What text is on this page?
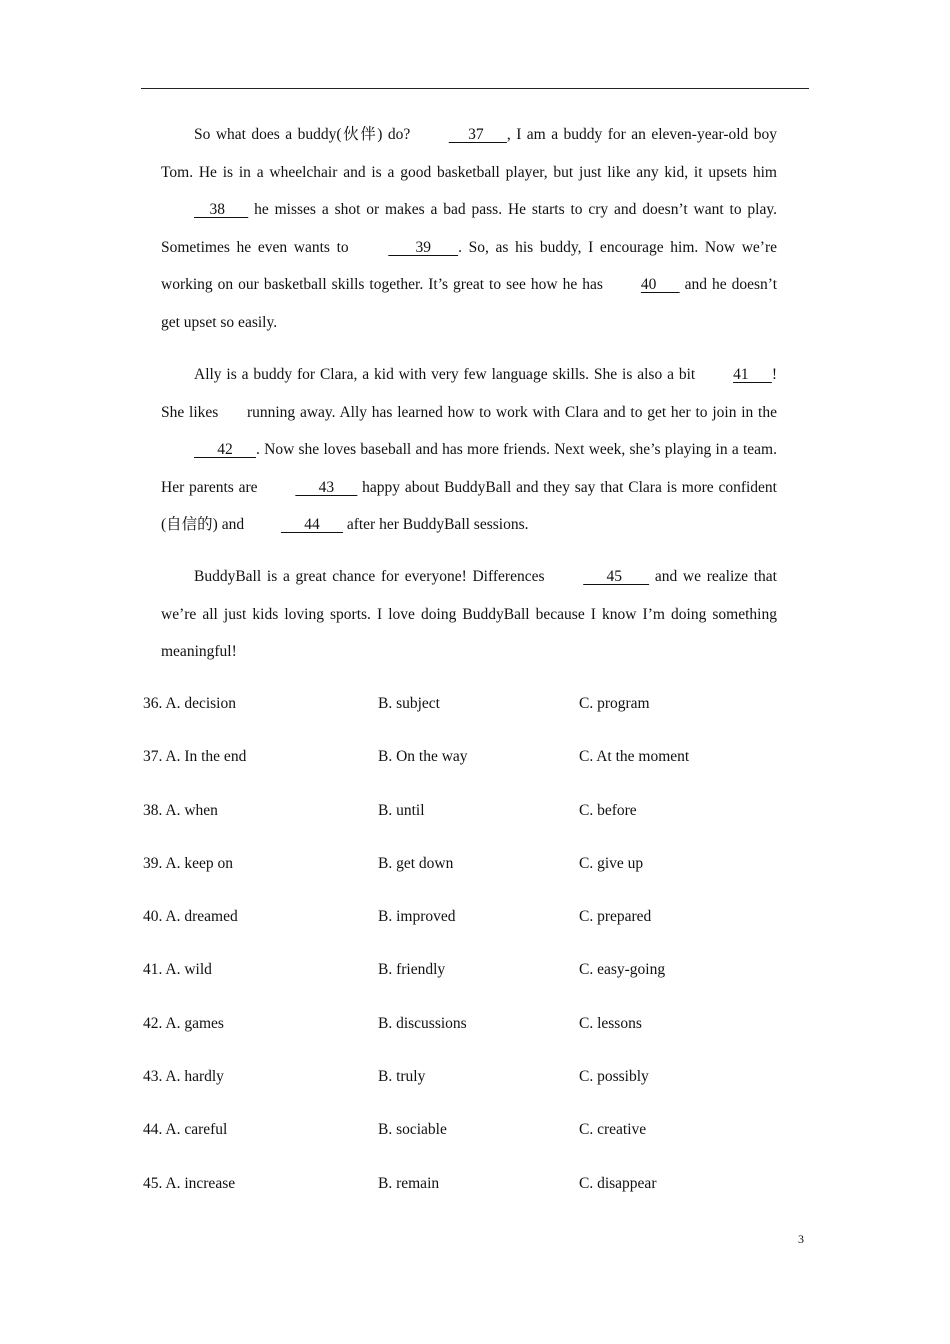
So what does a buddy(伙伴) do?      37      , I am a buddy for an eleven-year-old boy Tom. He is in a wheelchair and is a good basketball player, but just like any kid, it upsets him     38       he misses a shot or makes a bad pass. He starts to cry and doesn’t want to play. Sometimes he even wants to        39       . So, as his buddy, I encourage him. Now we’re working on our basketball skills together. It’s great to see how he has 40       and he doesn’t get upset so easily.

Ally is a buddy for Clara, a kid with very few language skills. She is also a bit 41      ! She likes      running away. Ally has learned how to work with Clara and to get her to join in the       42      . Now she loves baseball and has more friends. Next week, she’s playing in a team. Her parents are       43       happy about BuddyBall and they say that Clara is more confident (自信的) and       44       after her BuddyBall sessions.

BuddyBall is a great chance for everyone! Differences       45        and we realize that we’re all just kids loving sports. I love doing BuddyBall because I know I’m doing something meaningful!

36. A. decision	B. subject	C. program
37. A. In the end	B. On the way	C. At the moment
38. A. when	B. until	C. before
39. A. keep on	B. get down	C. give up
40. A. dreamed	B. improved	C. prepared
41. A. wild	B. friendly	C. easy-going
42. A. games	B. discussions	C. lessons
43. A. hardly	B. truly	C. possibly
44. A. careful	B. sociable	C. creative
45. A. increase	B. remain	C. disappear
3
